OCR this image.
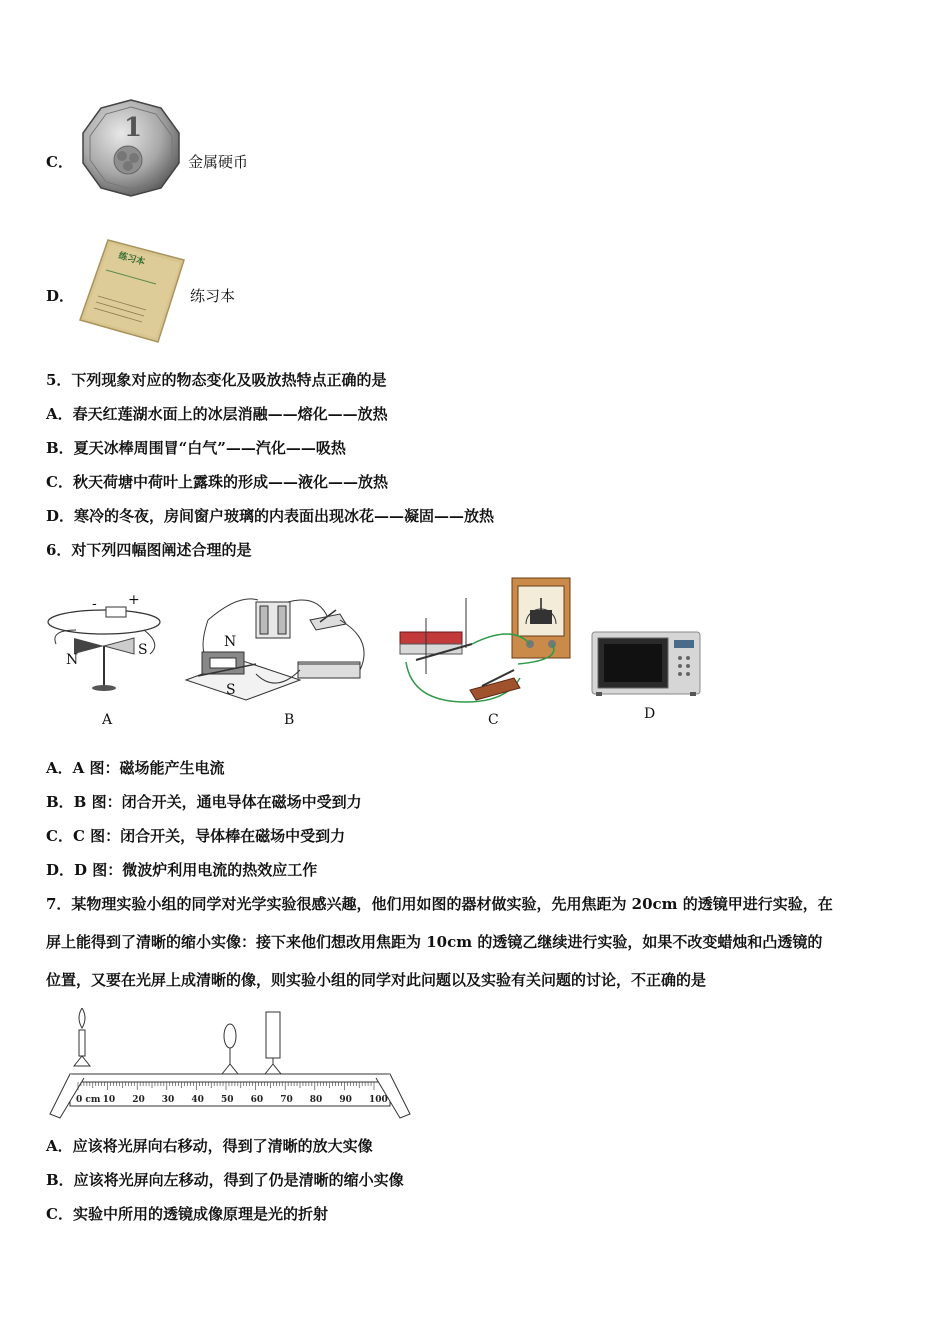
C．
1
金属硬币
D．
练习本
练习本
5．下列现象对应的物态变化及吸放热特点正确的是
A．春天红莲湖水面上的冰层消融——熔化——放热
B．夏天冰棒周围冒“白气”——汽化——吸热
C．秋天荷塘中荷叶上露珠的形成——液化——放热
D．寒冷的冬夜，房间窗户玻璃的内表面出现冰花——凝固——放热
6．对下列四幅图阐述合理的是
- +
N
S
A
N
S
B	C	D
A．A 图：磁场能产生电流
B．B 图：闭合开关，通电导体在磁场中受到力
C．C 图：闭合开关，导体棒在磁场中受到力
D．D 图：微波炉利用电流的热效应工作
7．某物理实验小组的同学对光学实验很感兴趣，他们用如图的器材做实验，先用焦距为 20cm 的透镜甲进行实验，在
屏上能得到了清晰的缩小实像：接下来他们想改用焦距为 10cm 的透镜乙继续进行实验，如果不改变蜡烛和凸透镜的
位置，又要在光屏上成清晰的像，则实验小组的同学对此问题以及实验有关问题的讨论，不正确的是
0 cm 10 20 30 40 50 60 70 80 90 100
A．应该将光屏向右移动，得到了清晰的放大实像
B．应该将光屏向左移动，得到了仍是清晰的缩小实像
C．实验中所用的透镜成像原理是光的折射
